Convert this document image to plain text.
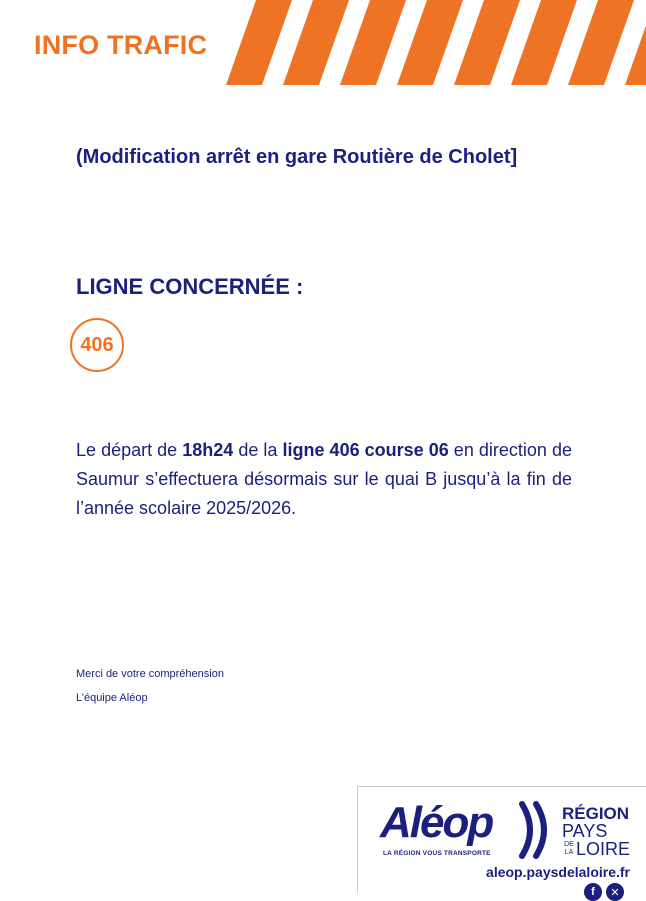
INFO TRAFIC
(Modification arrêt en gare Routière de Cholet]
LIGNE CONCERNÉE :
406
Le départ de 18h24 de la ligne 406 course 06 en direction de Saumur s’effectuera désormais sur le quai B jusqu’à la fin de l’année scolaire 2025/2026.
Merci de votre compréhension
L’équipe Aléop
Aléop
LA RÉGION VOUS TRANSPORTE
RÉGION
PAYS
DE
LA LOIRE
aleop.paysdelaloire.fr
f	✕
